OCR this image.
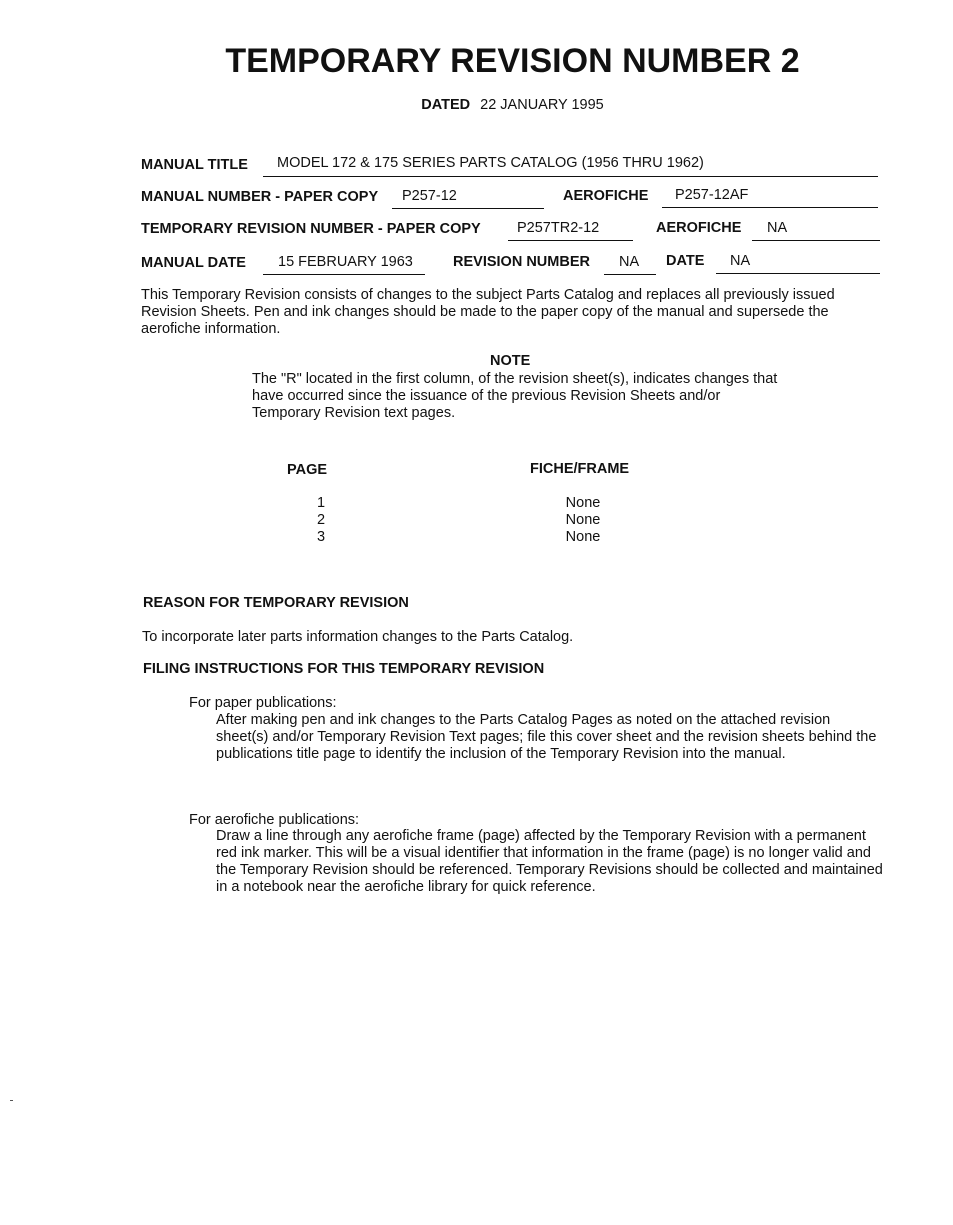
TEMPORARY REVISION NUMBER 2
DATED 22 JANUARY 1995
MANUAL TITLE MODEL 172 & 175 SERIES PARTS CATALOG (1956 THRU 1962)
MANUAL NUMBER - PAPER COPY P257-12	AEROFICHE P257-12AF
TEMPORARY REVISION NUMBER - PAPER COPY	P257TR2-12	AEROFICHE NA
MANUAL DATE 15 FEBRUARY 1963	REVISION NUMBER NA DATE NA
This Temporary Revision consists of changes to the subject Parts Catalog and replaces all previously issued Revision Sheets. Pen and ink changes should be made to the paper copy of the manual and supersede the aerofiche information.
NOTE
The "R" located in the first column, of the revision sheet(s), indicates changes that have occurred since the issuance of the previous Revision Sheets and/or Temporary Revision text pages.
PAGE	FICHE/FRAME
1	None
2	None
3	None
REASON FOR TEMPORARY REVISION
To incorporate later parts information changes to the Parts Catalog.
FILING INSTRUCTIONS FOR THIS TEMPORARY REVISION
For paper publications:
After making pen and ink changes to the Parts Catalog Pages as noted on the attached revision sheet(s) and/or Temporary Revision Text pages; file this cover sheet and the revision sheets behind the publications title page to identify the inclusion of the Temporary Revision into the manual.
For aerofiche publications:
Draw a line through any aerofiche frame (page) affected by the Temporary Revision with a permanent red ink marker. This will be a visual identifier that information in the frame (page) is no longer valid and the Temporary Revision should be referenced. Temporary Revisions should be collected and maintained in a notebook near the aerofiche library for quick reference.
